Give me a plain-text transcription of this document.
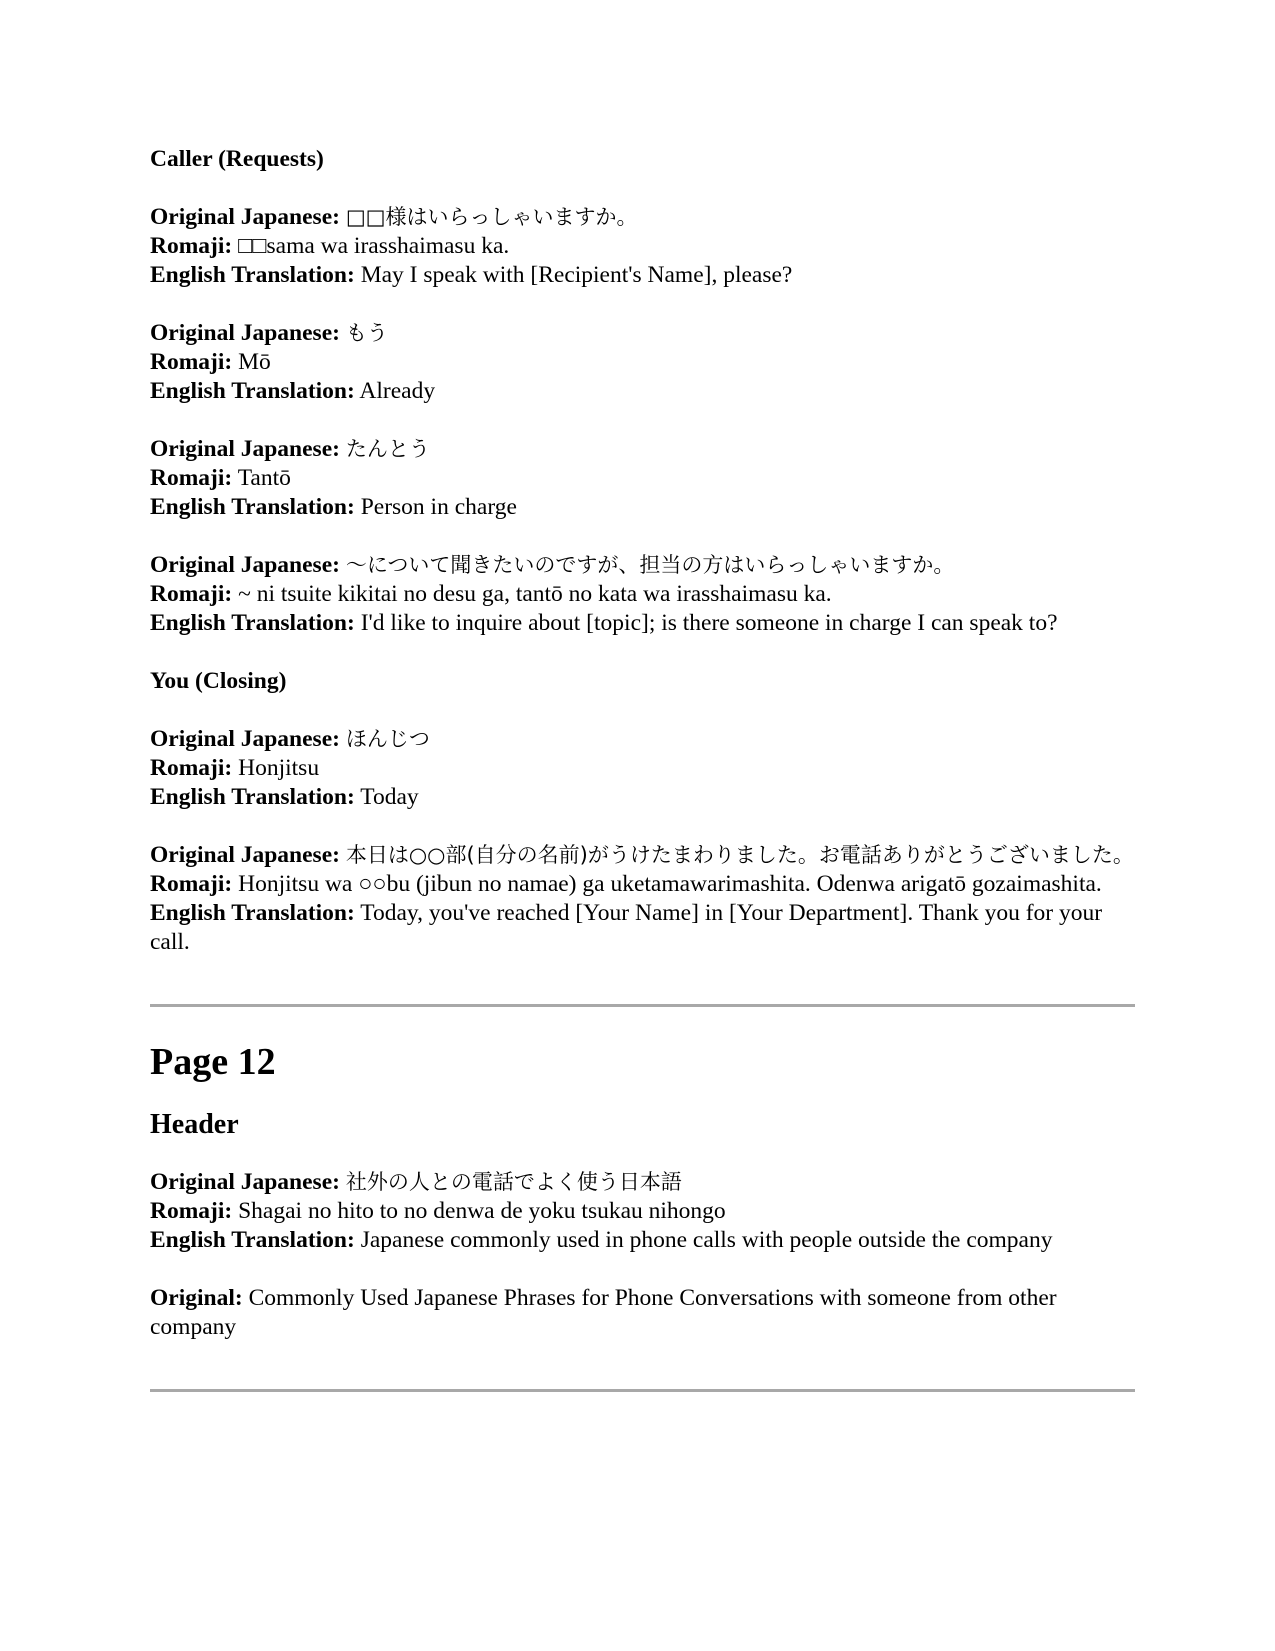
Caller (Requests)
Original Japanese: □□様はいらっしゃいますか。
Romaji: □□sama wa irasshaimasu ka.
English Translation: May I speak with [Recipient's Name], please?
Original Japanese: もう
Romaji: Mō
English Translation: Already
Original Japanese: たんとう
Romaji: Tantō
English Translation: Person in charge
Original Japanese: 〜について聞きたいのですが、担当の方はいらっしゃいますか。
Romaji: ~ ni tsuite kikitai no desu ga, tantō no kata wa irasshaimasu ka.
English Translation: I'd like to inquire about [topic]; is there someone in charge I can speak to?
You (Closing)
Original Japanese: ほんじつ
Romaji: Honjitsu
English Translation: Today
Original Japanese: 本日は○○部(自分の名前)がうけたまわりました。お電話ありがとうございました。
Romaji: Honjitsu wa ○○bu (jibun no namae) ga uketamawarimashita. Odenwa arigatō gozaimashita.
English Translation: Today, you've reached [Your Name] in [Your Department]. Thank you for your call.
Page 12
Header
Original Japanese: 社外の人との電話でよく使う日本語
Romaji: Shagai no hito to no denwa de yoku tsukau nihongo
English Translation: Japanese commonly used in phone calls with people outside the company
Original: Commonly Used Japanese Phrases for Phone Conversations with someone from other company
